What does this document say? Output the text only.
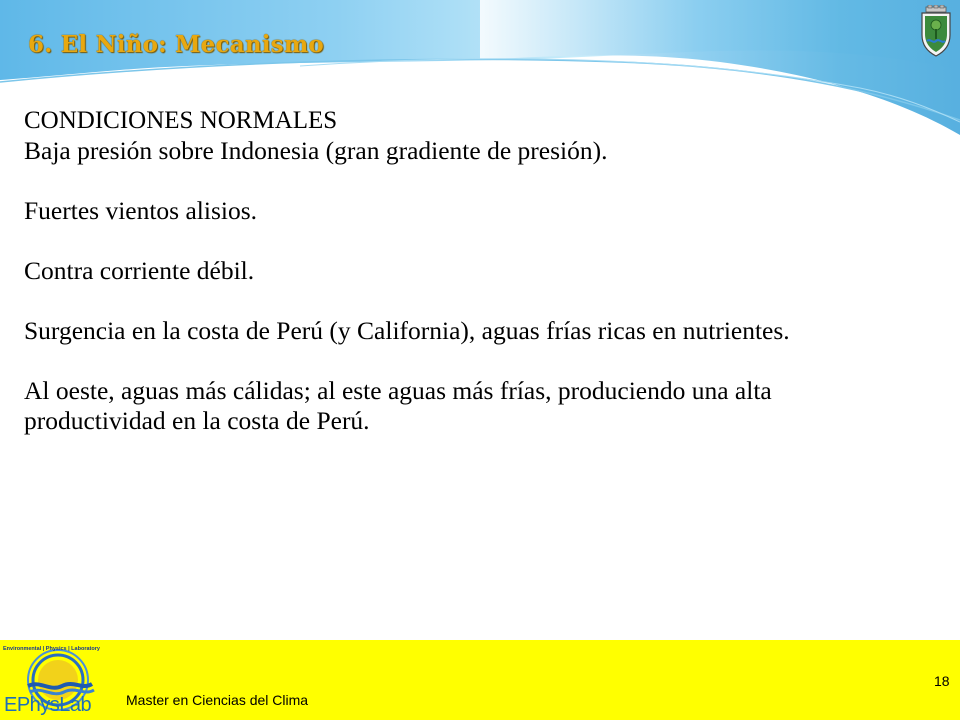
6. El Niño: Mecanismo

CONDICIONES NORMALES

Baja presión sobre Indonesia (gran gradiente de presión).

Fuertes vientos alisios.

Contra corriente débil.

Surgencia en la costa de Perú (y California), aguas frías ricas en nutrientes.

Al oeste, aguas más cálidas; al este aguas más frías, produciendo una alta productividad en la costa de Perú.

Environmental | Physics | Laboratory
EPhysLab Master en Ciencias del Clima
18
